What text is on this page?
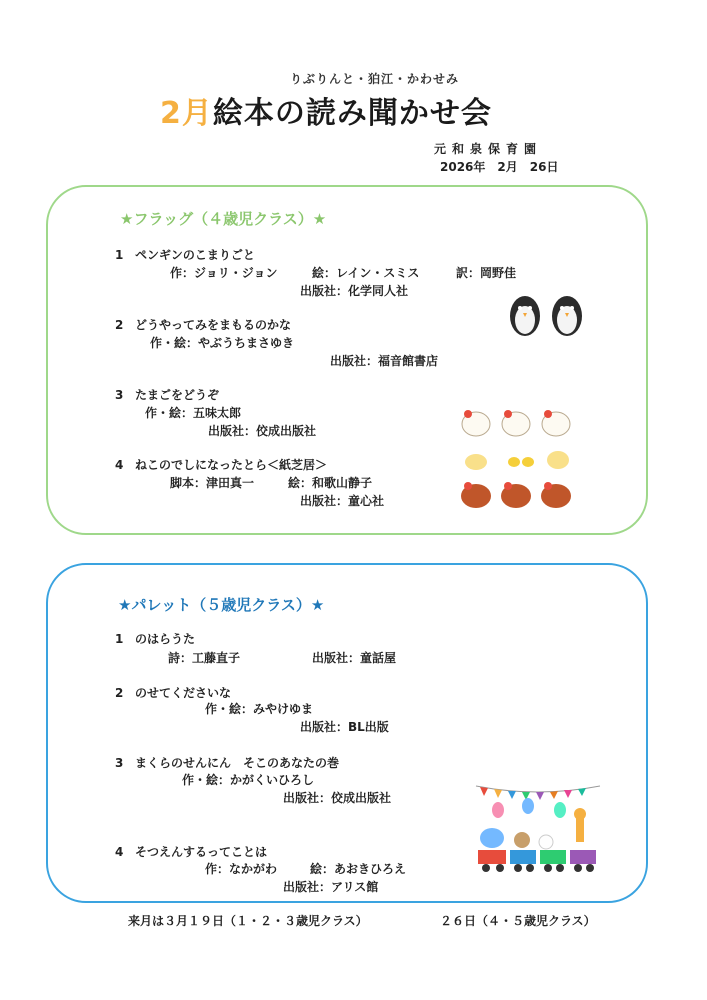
りぶりんと・狛江・かわせみ
2月絵本の読み聞かせ会
元和泉保育園
2026年　2月　26日
★フラッグ（４歳児クラス）★
1 ペンギンのこまりごと
作：ジョリ・ジョン	絵：レイン・スミス	訳：岡野佳
出版社：化学同人社
2 どうやってみをまもるのかな
作・絵：やぶうちまさゆき
出版社：福音館書店
3 たまごをどうぞ
作・絵：五味太郎
出版社：佼成出版社
4 ねこのでしになったとら＜紙芝居＞
脚本：津田真一	絵：和歌山静子
出版社：童心社
★パレット（５歳児クラス）★
1 のはらうた
詩：工藤直子	出版社：童話屋
2 のせてくださいな
作・絵：みやけゆま
出版社：BL出版
3 まくらのせんにん　そこのあなたの巻
作・絵：かがくいひろし
出版社：佼成出版社
4 そつえんするってことは
作：なかがわ	絵：あおきひろえ
出版社：アリス館
来月は３月１９日（１・２・３歳児クラス）	２６日（４・５歳児クラス）
